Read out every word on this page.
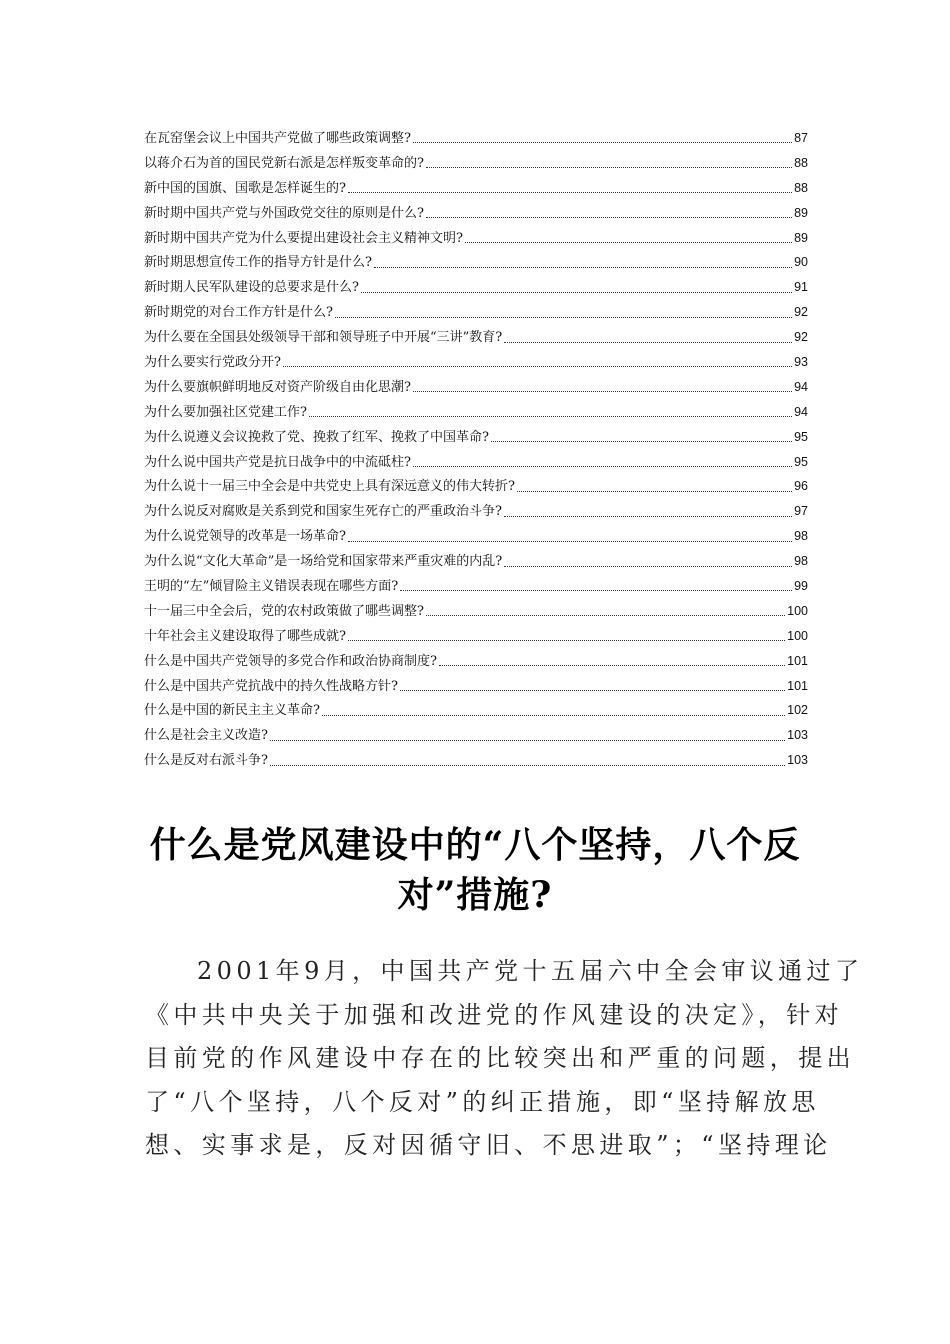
在瓦窑堡会议上中国共产党做了哪些政策调整?	87
以蒋介石为首的国民党新右派是怎样叛变革命的?	88
新中国的国旗、国歌是怎样诞生的?	88
新时期中国共产党与外国政党交往的原则是什么?	89
新时期中国共产党为什么要提出建设社会主义精神文明?	89
新时期思想宣传工作的指导方针是什么?	90
新时期人民军队建设的总要求是什么?	91
新时期党的对台工作方针是什么?	92
为什么要在全国县处级领导干部和领导班子中开展“三讲”教育?	92
为什么要实行党政分开?	93
为什么要旗帜鲜明地反对资产阶级自由化思潮?	94
为什么要加强社区党建工作?	94
为什么说遵义会议挽救了党、挽救了红军、挽救了中国革命?	95
为什么说中国共产党是抗日战争中的中流砥柱?	95
为什么说十一届三中全会是中共党史上具有深远意义的伟大转折?	96
为什么说反对腐败是关系到党和国家生死存亡的严重政治斗争?	97
为什么说党领导的改革是一场革命?	98
为什么说“文化大革命”是一场给党和国家带来严重灾难的内乱?	98
王明的“左”倾冒险主义错误表现在哪些方面?	99
十一届三中全会后，党的农村政策做了哪些调整?	100
十年社会主义建设取得了哪些成就?	100
什么是中国共产党领导的多党合作和政治协商制度?	101
什么是中国共产党抗战中的持久性战略方针?	101
什么是中国的新民主主义革命?	102
什么是社会主义改造?	103
什么是反对右派斗争?	103
什么是党风建设中的“八个坚持，八个反
对”措施?
2001年9月，中国共产党十五届六中全会审议通过了
《中共中央关于加强和改进党的作风建设的决定》，针对
目前党的作风建设中存在的比较突出和严重的问题，提出
了“八个坚持，八个反对”的纠正措施，即“坚持解放思
想、实事求是，反对因循守旧、不思进取”；“坚持理论
